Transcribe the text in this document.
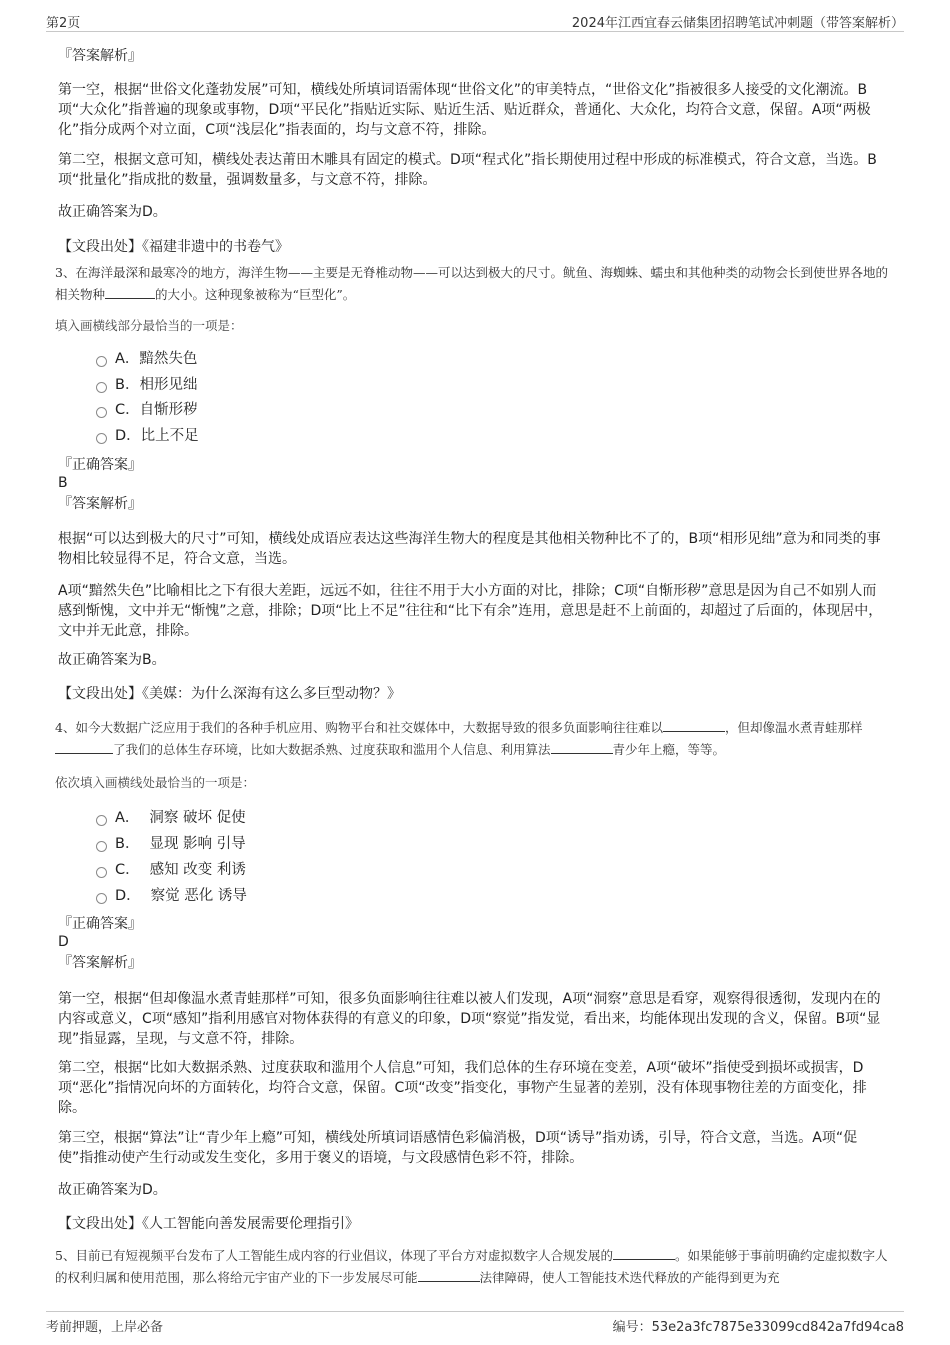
第2页	2024年江西宜春云储集团招聘笔试冲刺题（带答案解析）
『答案解析』
第一空，根据“世俗文化蓬勃发展”可知，横线处所填词语需体现“世俗文化”的审美特点，“世俗文化”指被很多人接受的文化潮流。B项“大众化”指普遍的现象或事物，D项“平民化”指贴近实际、贴近生活、贴近群众，普通化、大众化，均符合文意，保留。A项“两极化”指分成两个对立面，C项“浅层化”指表面的，均与文意不符，排除。
第二空，根据文意可知，横线处表达莆田木雕具有固定的模式。D项“程式化”指长期使用过程中形成的标准模式，符合文意，当选。B项“批量化”指成批的数量，强调数量多，与文意不符，排除。
故正确答案为D。
【文段出处】《福建非遗中的书卷气》
3、在海洋最深和最寒冷的地方，海洋生物——主要是无脊椎动物——可以达到极大的尺寸。鱿鱼、海蜘蛛、蠕虫和其他种类的动物会长到使世界各地的相关物种	的大小。这种现象被称为“巨型化”。
填入画横线部分最恰当的一项是：
A． 黯然失色
B． 相形见绌
C． 自惭形秽
D． 比上不足
『正确答案』
B
『答案解析』
根据“可以达到极大的尺寸”可知，横线处成语应表达这些海洋生物大的程度是其他相关物种比不了的，B项“相形见绌”意为和同类的事物相比较显得不足，符合文意，当选。
A项“黯然失色”比喻相比之下有很大差距，远远不如，往往不用于大小方面的对比，排除；C项“自惭形秽”意思是因为自己不如别人而感到惭愧，文中并无“惭愧”之意，排除；D项“比上不足”往往和“比下有余”连用，意思是赶不上前面的，却超过了后面的，体现居中，文中并无此意，排除。
故正确答案为B。
【文段出处】《美媒：为什么深海有这么多巨型动物？》
4、如今大数据广泛应用于我们的各种手机应用、购物平台和社交媒体中，大数据导致的很多负面影响往往难以	，但却像温水煮青蛙那样了我们的总体生存环境，比如大数据杀熟、过度获取和滥用个人信息、利用算法	青少年上瘾，等等。
依次填入画横线处最恰当的一项是：
A． 洞察 破坏 促使
B． 显现 影响 引导
C． 感知 改变 利诱
D． 察觉 恶化 诱导
『正确答案』
D
『答案解析』
第一空，根据“但却像温水煮青蛙那样”可知，很多负面影响往往难以被人们发现，A项“洞察”意思是看穿，观察得很透彻，发现内在的内容或意义，C项“感知”指利用感官对物体获得的有意义的印象，D项“察觉”指发觉，看出来，均能体现出发现的含义，保留。B项“显现”指显露，呈现，与文意不符，排除。
第二空，根据“比如大数据杀熟、过度获取和滥用个人信息”可知，我们总体的生存环境在变差，A项“破坏”指使受到损坏或损害，D项“恶化”指情况向坏的方面转化，均符合文意，保留。C项“改变”指变化，事物产生显著的差别，没有体现事物往差的方面变化，排除。
第三空，根据“算法”让“青少年上瘾”可知，横线处所填词语感情色彩偏消极，D项“诱导”指劝诱，引导，符合文意，当选。A项“促使”指推动使产生行动或发生变化，多用于褒义的语境，与文段感情色彩不符，排除。
故正确答案为D。
【文段出处】《人工智能向善发展需要伦理指引》
5、目前已有短视频平台发布了人工智能生成内容的行业倡议，体现了平台方对虚拟数字人合规发展的	。如果能够于事前明确约定虚拟数字人的权利归属和使用范围，那么将给元宇宙产业的下一步发展尽可能	法律障碍，使人工智能技术迭代释放的产能得到更为充
考前押题，上岸必备	编号：53e2a3fc7875e33099cd842a7fd94ca8
